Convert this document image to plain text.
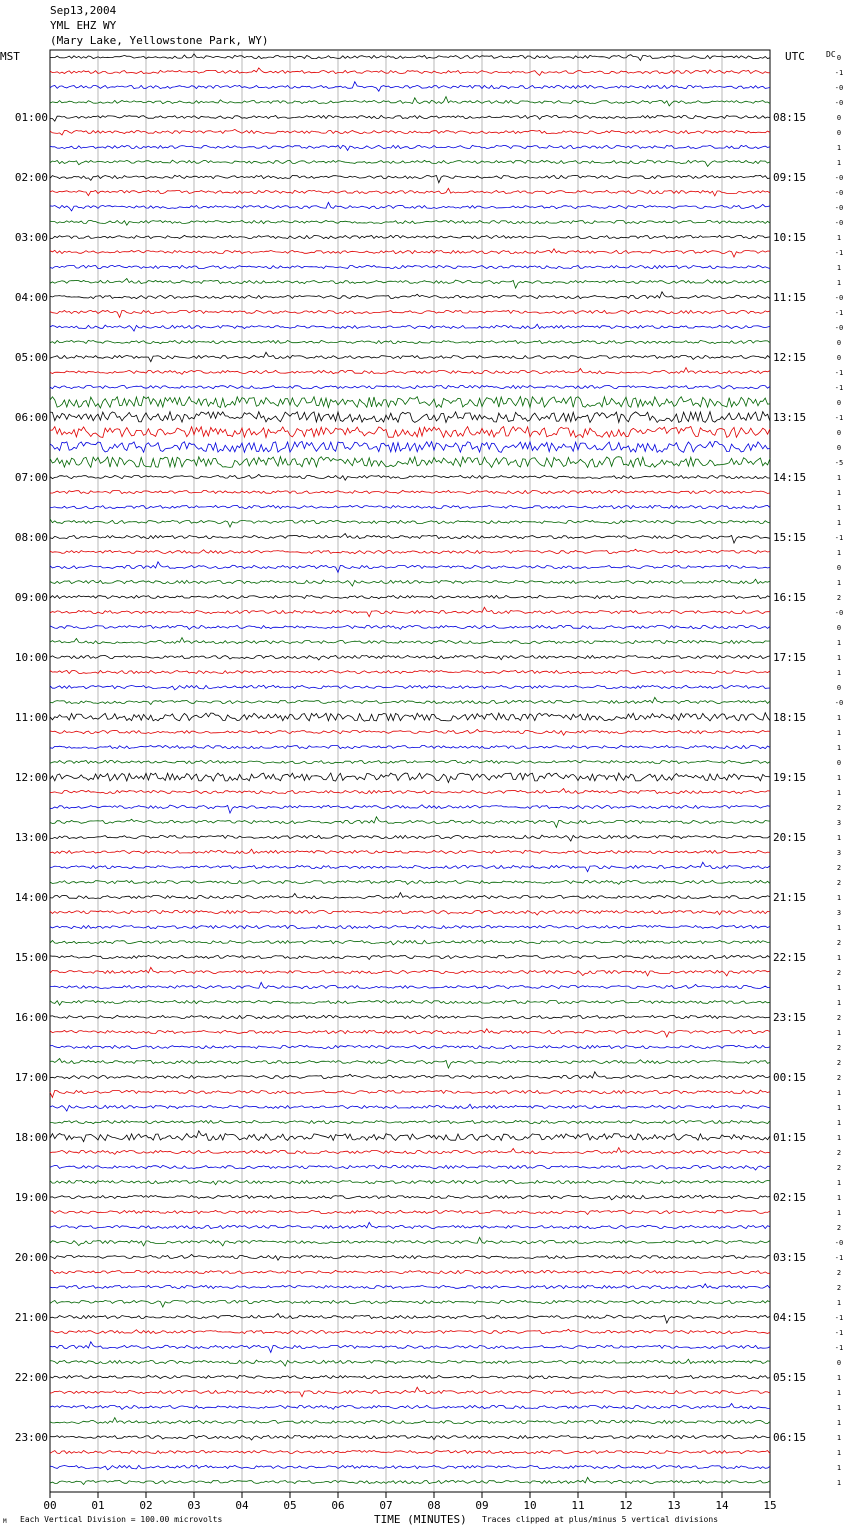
Sep13,2004
YML EHZ WY
(Mary Lake, Yellowstone Park, WY)
00	01	02	03	04	05	06	07	08	09	10	11	12	13	14	15
0
-1
-0
-0
0
0
1
1
-0
-0
-0
-0
1
-1
1
1
-0
-1
-0
0
0
-1
-1
0
-1
0
0
-5
1
1
1
1
-1
1
0
1
2
-0
0
1
1
1
0
-0
1
1
1
0
1
1
2
3
1
3
2
2
1
3
1
2
1
2
1
1
2
1
2
2
2
1
1
1
1
2
2
1
1
1
2
-0
-1
2
2
1
-1
-1
-1
0
1
1
1
1
1
1
1
1
01:00
02:00
03:00
04:00
05:00
06:00
07:00
08:00
09:00
10:00
11:00
12:00
13:00
14:00
15:00
16:00
17:00
18:00
19:00
20:00
21:00
22:00
23:00
08:15
09:15
10:15
11:15
12:15
13:15
14:15
15:15
16:15
17:15
18:15
19:15
20:15
21:15
22:15
23:15
00:15
01:15
02:15
03:15
04:15
05:15
06:15
MST	UTC	DC
TIME (MINUTES)
Each Vertical Division = 100.00 microvolts	Traces clipped at plus/minus 5 vertical divisions
M
